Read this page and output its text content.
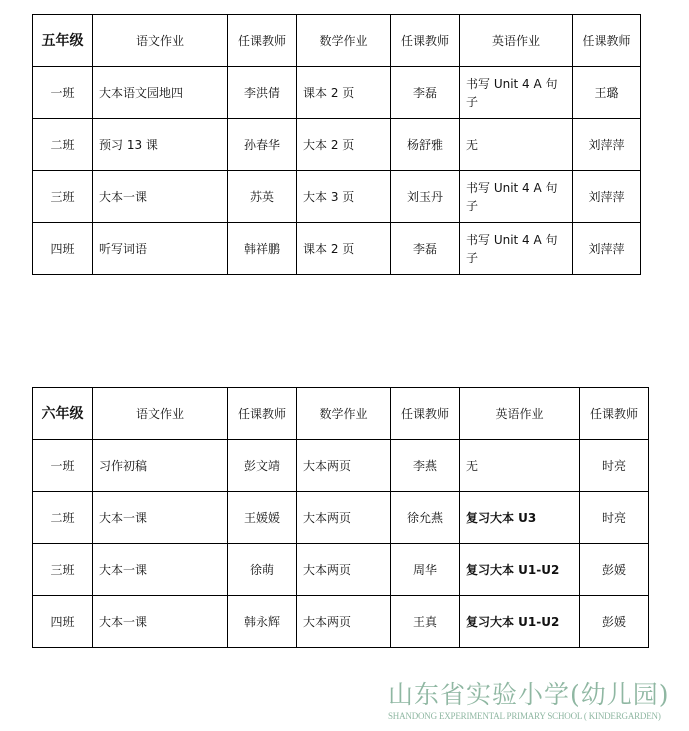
五年级	语文作业	任课教师	数学作业	任课教师	英语作业	任课教师
一班	大本语文园地四	李洪倩	课本 2 页	李磊	书写 Unit 4 A 句子	王璐
二班	预习 13 课	孙春华	大本 2 页	杨舒雅	无	刘萍萍
三班	大本一课	苏英	大本 3 页	刘玉丹	书写 Unit 4 A 句子	刘萍萍
四班	听写词语	韩祥鹏	课本 2 页	李磊	书写 Unit 4 A 句子	刘萍萍
六年级	语文作业	任课教师	数学作业	任课教师	英语作业	任课教师
一班	习作初稿	彭文靖	大本两页	李燕	无	时亮
二班	大本一课	王媛媛	大本两页	徐允燕	复习大本 U3	时亮
三班	大本一课	徐萌	大本两页	周华	复习大本 U1-U2	彭媛
四班	大本一课	韩永辉	大本两页	王真	复习大本 U1-U2	彭媛
山东省实验小学(幼儿园)
SHANDONG EXPERIMENTAL PRIMARY SCHOOL ( KINDERGARDEN)
